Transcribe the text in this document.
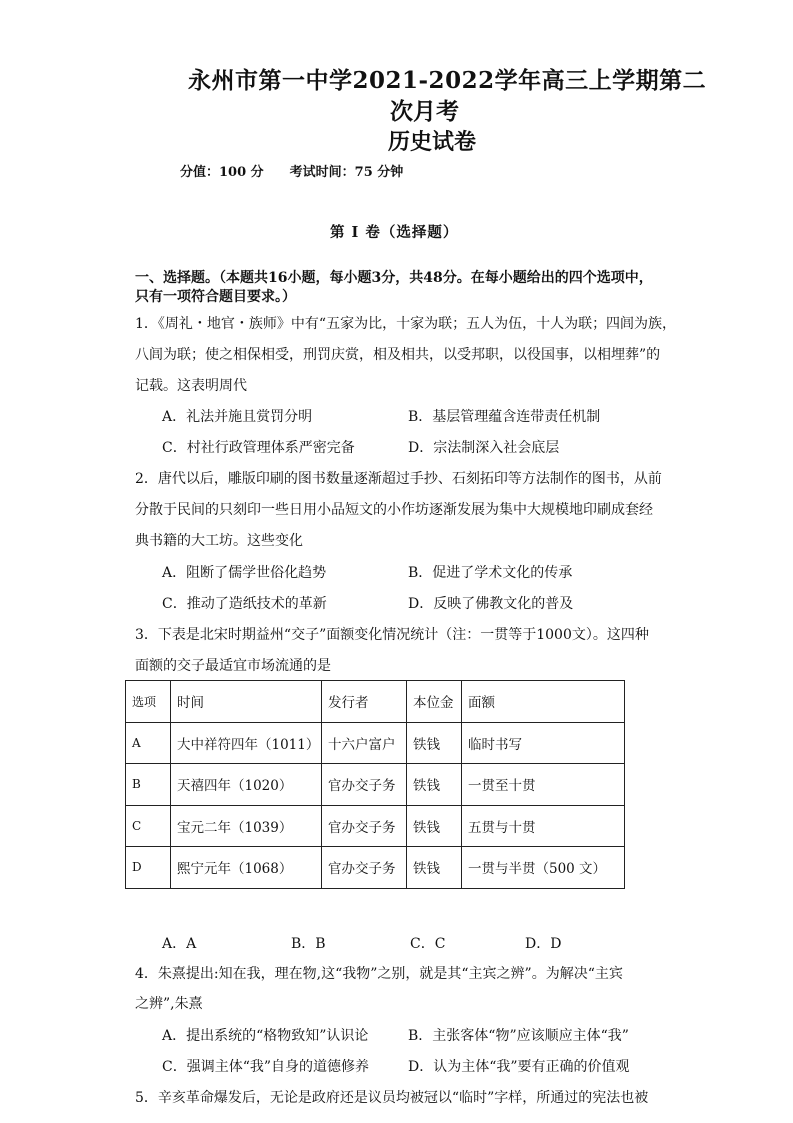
永州市第一中学2021-2022学年高三上学期第二
次月考
历史试卷
分值：100 分 考试时间：75 分钟
第 I 卷（选择题）
一、选择题。（本题共16小题，每小题3分，共48分。在每小题给出的四个选项中，
只有一项符合题目要求。）
1．《周礼・地官・族师》中有“五家为比，十家为联；五人为伍，十人为联；四闾为族，
八闾为联；使之相保相受，刑罚庆赏，相及相共，以受邦职，以役国事，以相埋葬”的
记载。这表明周代
A．礼法并施且赏罚分明	B．基层管理蕴含连带责任机制
C．村社行政管理体系严密完备	D．宗法制深入社会底层
2．唐代以后，雕版印刷的图书数量逐渐超过手抄、石刻拓印等方法制作的图书，从前
分散于民间的只刻印一些日用小品短文的小作坊逐渐发展为集中大规模地印刷成套经
典书籍的大工坊。这些变化
A．阻断了儒学世俗化趋势	B．促进了学术文化的传承
C．推动了造纸技术的革新	D．反映了佛教文化的普及
3．下表是北宋时期益州“交子”面额变化情况统计（注：一贯等于1000文）。这四种
面额的交子最适宜市场流通的是
选项	时间	发行者	本位金	面额
A	大中祥符四年（1011）	十六户富户	铁钱	临时书写
B	天禧四年（1020）	官办交子务	铁钱	一贯至十贯
C	宝元二年（1039）	官办交子务	铁钱	五贯与十贯
D	熙宁元年（1068）	官办交子务	铁钱	一贯与半贯（500 文）
A．A	B．B	C．C	D．D
4．朱熹提出:知在我，理在物,这“我物”之别，就是其“主宾之辨”。为解决“主宾
之辨”,朱熹
A．提出系统的“格物致知”认识论	B．主张客体“物”应该顺应主体“我”
C．强调主体“我”自身的道德修养	D．认为主体“我”要有正确的价值观
5．辛亥革命爆发后，无论是政府还是议员均被冠以“临时”字样，所通过的宪法也被
